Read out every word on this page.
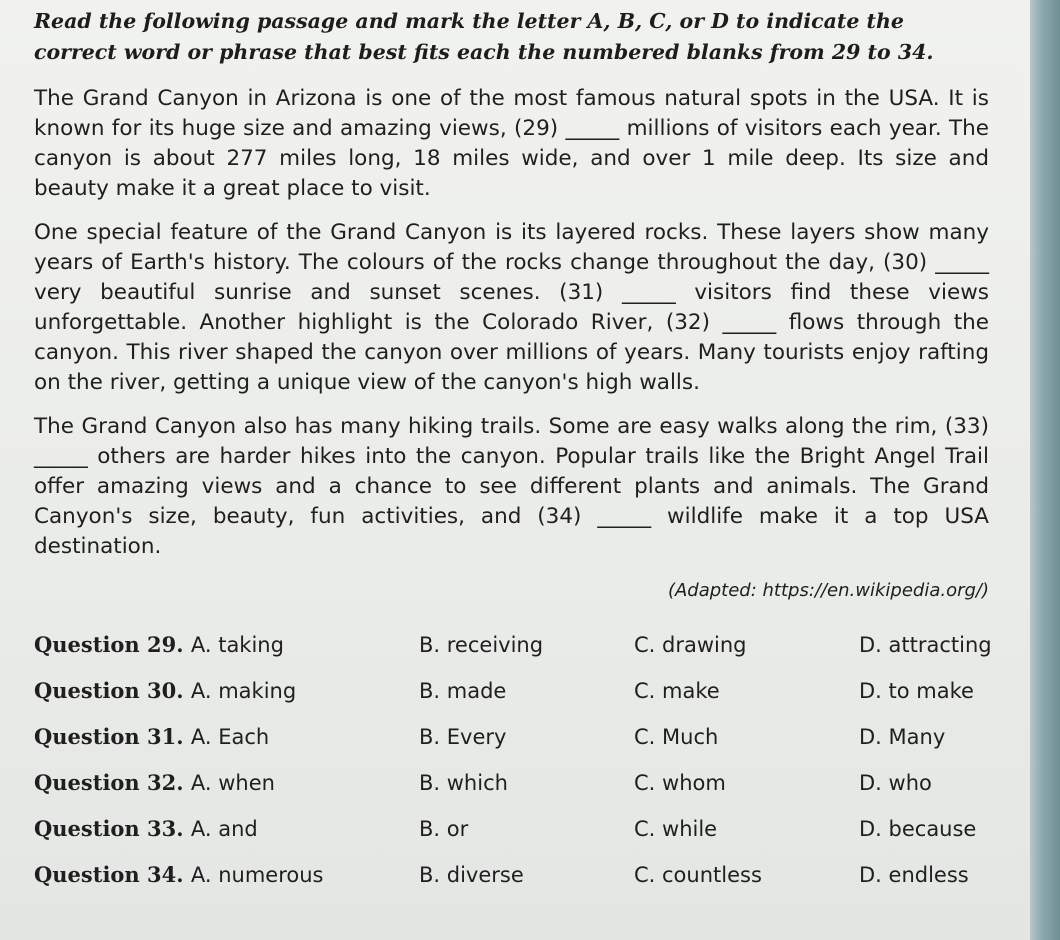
Read the following passage and mark the letter A, B, C, or D to indicate the correct word or phrase that best fits each the numbered blanks from 29 to 34.

The Grand Canyon in Arizona is one of the most famous natural spots in the USA. It is known for its huge size and amazing views, (29) _____ millions of visitors each year. The canyon is about 277 miles long, 18 miles wide, and over 1 mile deep. Its size and beauty make it a great place to visit.

One special feature of the Grand Canyon is its layered rocks. These layers show many years of Earth's history. The colours of the rocks change throughout the day, (30) _____ very beautiful sunrise and sunset scenes. (31) _____ visitors find these views unforgettable. Another highlight is the Colorado River, (32) _____ flows through the canyon. This river shaped the canyon over millions of years. Many tourists enjoy rafting on the river, getting a unique view of the canyon's high walls.

The Grand Canyon also has many hiking trails. Some are easy walks along the rim, (33) _____ others are harder hikes into the canyon. Popular trails like the Bright Angel Trail offer amazing views and a chance to see different plants and animals. The Grand Canyon's size, beauty, fun activities, and (34) _____ wildlife make it a top USA destination.

(Adapted: https://en.wikipedia.org/)

Question 29. A. taking	B. receiving	C. drawing	D. attracting
Question 30. A. making	B. made	C. make	D. to make
Question 31. A. Each	B. Every	C. Much	D. Many
Question 32. A. when	B. which	C. whom	D. who
Question 33. A. and	B. or	C. while	D. because
Question 34. A. numerous	B. diverse	C. countless	D. endless
